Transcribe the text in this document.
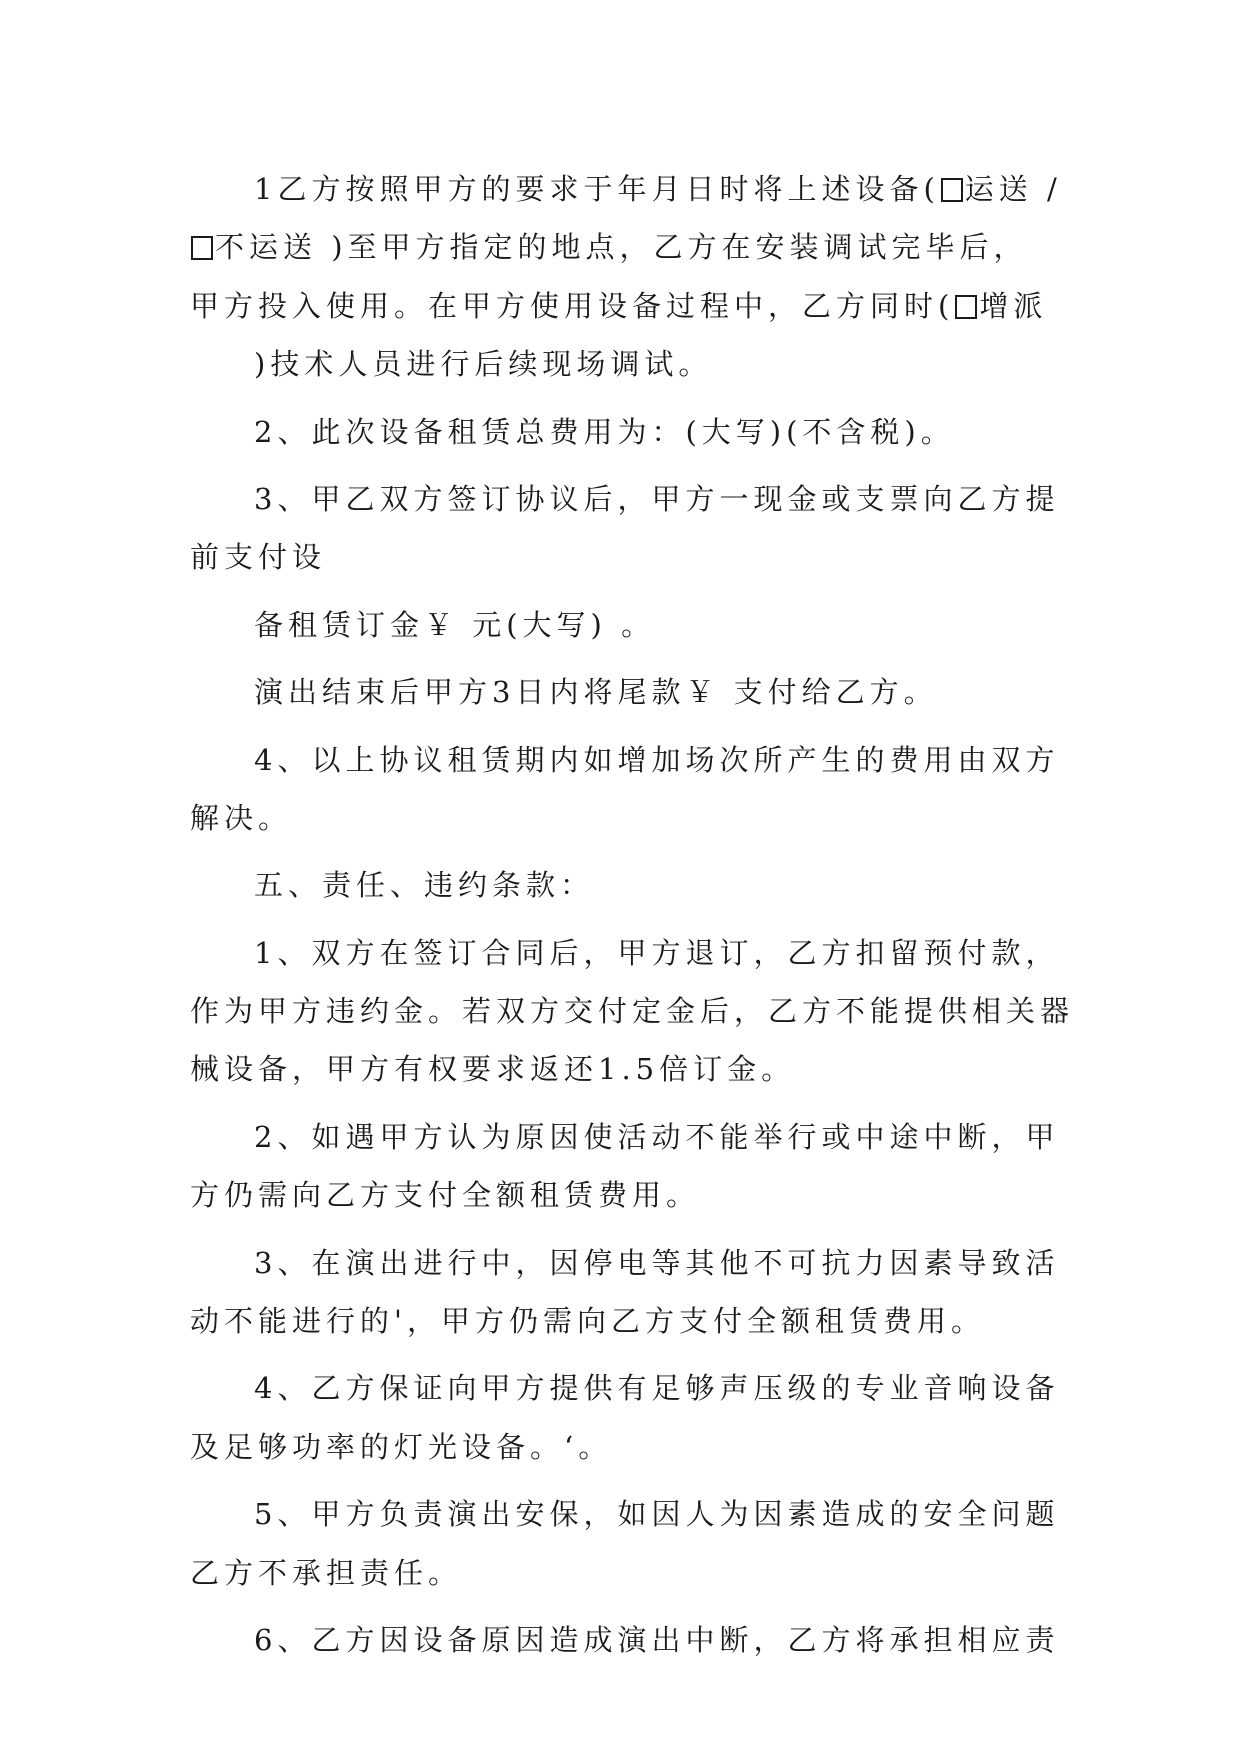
1乙方按照甲方的要求于年月日时将上述设备( 运送 /
不运送 )至甲方指定的地点，乙方在安装调试完毕后，
甲方投入使用。在甲方使用设备过程中，乙方同时( 增派
)技术人员进行后续现场调试。
2、此次设备租赁总费用为：(大写)(不含税)。
3、甲乙双方签订协议后，甲方一现金或支票向乙方提
前支付设
备租赁订金￥ 元(大写) 。
演出结束后甲方3日内将尾款￥ 支付给乙方。
4、以上协议租赁期内如增加场次所产生的费用由双方
解决。
五、责任、违约条款：
1、双方在签订合同后，甲方退订，乙方扣留预付款，
作为甲方违约金。若双方交付定金后，乙方不能提供相关器
械设备，甲方有权要求返还1.5倍订金。
2、如遇甲方认为原因使活动不能举行或中途中断，甲
方仍需向乙方支付全额租赁费用。
3、在演出进行中，因停电等其他不可抗力因素导致活
动不能进行的'，甲方仍需向乙方支付全额租赁费用。
4、乙方保证向甲方提供有足够声压级的专业音响设备
及足够功率的灯光设备。‘。
5、甲方负责演出安保，如因人为因素造成的安全问题
乙方不承担责任。
6、乙方因设备原因造成演出中断，乙方将承担相应责
